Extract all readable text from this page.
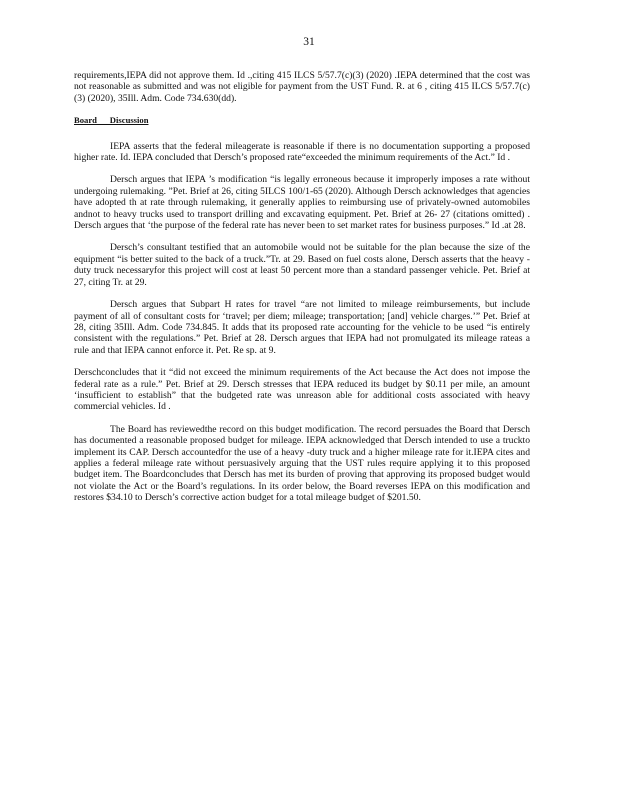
31

requirements,IEPA did not approve them. Id .,citing 415 ILCS 5/57.7(c)(3) (2020) .IEPA determined that the cost was not reasonable as submitted and was not eligible for payment from the UST Fund. R. at 6 , citing 415 ILCS 5/57.7(c)(3) (2020), 35Ill. Adm. Code 734.630(dd).

Board      Discussion

IEPA asserts that the federal mileagerate is reasonable if there is no documentation supporting a proposed higher rate. Id. IEPA concluded that Dersch’s proposed rate“exceeded the minimum requirements of the Act.” Id .

Dersch argues that IEPA ’s modification “is legally erroneous because it improperly imposes a rate without undergoing rulemaking. ”Pet. Brief at 26, citing 5ILCS 100/1-65 (2020). Although Dersch acknowledges that agencies have adopted th at rate through rulemaking, it generally applies to reimbursing use of privately-owned automobiles andnot to heavy trucks used to transport drilling and excavating equipment. Pet. Brief at 26- 27 (citations omitted) . Dersch argues that ‘the purpose of the federal rate has never been to set market rates for business purposes.” Id .at 28.

Dersch’s consultant testified that an automobile would not be suitable for the plan because the size of the equipment “is better suited to the back of a truck.”Tr. at 29. Based on fuel costs alone, Dersch asserts that the heavy -duty truck necessaryfor this project will cost at least 50 percent more than a standard passenger vehicle. Pet. Brief at 27, citing Tr. at 29.

Dersch argues that Subpart H rates for travel “are not limited to mileage reimbursements, but include payment of all of consultant costs for ‘travel; per diem; mileage; transportation; [and] vehicle charges.’” Pet. Brief at 28, citing 35Ill. Adm. Code 734.845. It adds that its proposed rate accounting for the vehicle to be used “is entirely consistent with the regulations.” Pet. Brief at 28. Dersch argues that IEPA had not promulgated its mileage rateas a rule and that IEPA cannot enforce it. Pet. Re sp. at 9.

Derschconcludes that it “did not exceed the minimum requirements of the Act because the Act does not impose the federal rate as a rule.” Pet. Brief at 29. Dersch stresses that IEPA reduced its budget by $0.11 per mile, an amount ‘insufficient to establish” that the budgeted rate was unreason able for additional costs associated with heavy commercial vehicles. Id .

The Board has reviewedthe record on this budget modification. The record persuades the Board that Dersch has documented a reasonable proposed budget for mileage. IEPA acknowledged that Dersch intended to use a truckto implement its CAP. Dersch accountedfor the use of a heavy -duty truck and a higher mileage rate for it.IEPA cites and applies a federal mileage rate without persuasively arguing that the UST rules require applying it to this proposed budget item. The Boardconcludes that Dersch has met its burden of proving that approving its proposed budget would not violate the Act or the Board’s regulations. In its order below, the Board reverses IEPA on this modification and restores $34.10 to Dersch’s corrective action budget for a total mileage budget of $201.50.
